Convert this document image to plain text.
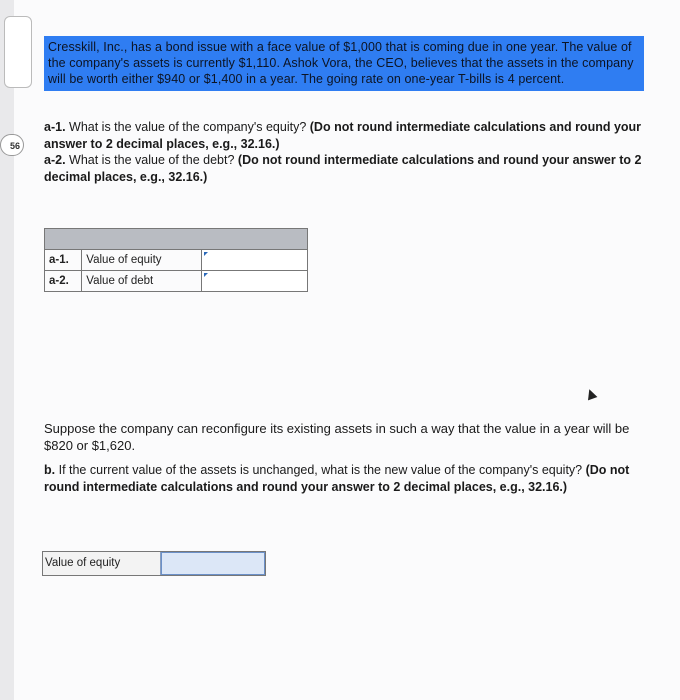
56
Cresskill, Inc., has a bond issue with a face value of $1,000 that is coming due in one year. The value of the company's assets is currently $1,110. Ashok Vora, the CEO, believes that the assets in the company will be worth either $940 or $1,400 in a year. The going rate on one-year T-bills is 4 percent.
a-1. What is the value of the company's equity? (Do not round intermediate calculations and round your answer to 2 decimal places, e.g., 32.16.)
a-2. What is the value of the debt? (Do not round intermediate calculations and round your answer to 2 decimal places, e.g., 32.16.)

a-1.	Value of equity	

a-2.	Value of debt	
Suppose the company can reconfigure its existing assets in such a way that the value in a year will be $820 or $1,620.
b. If the current value of the assets is unchanged, what is the new value of the company's equity? (Do not round intermediate calculations and round your answer to 2 decimal places, e.g., 32.16.)
Value of equity
